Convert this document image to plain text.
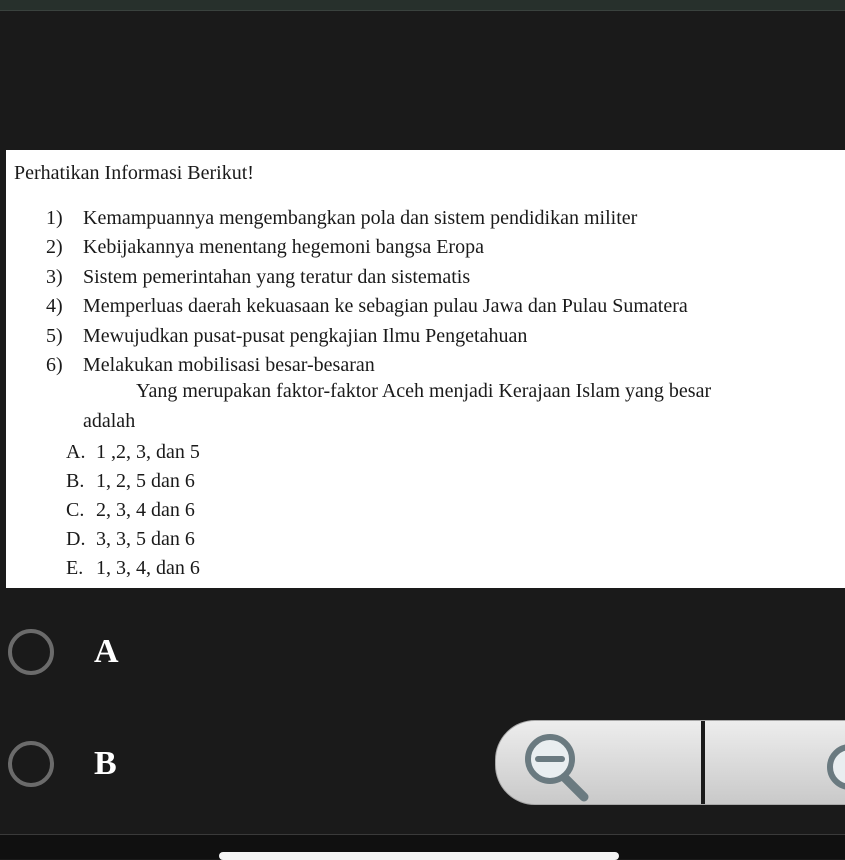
Perhatikan Informasi Berikut!
1)	Kemampuannya mengembangkan pola dan sistem pendidikan militer
2)	Kebijakannya menentang hegemoni bangsa Eropa
3)	Sistem pemerintahan yang teratur dan sistematis
4)	Memperluas daerah kekuasaan ke sebagian pulau Jawa dan Pulau Sumatera
5)	Mewujudkan pusat-pusat pengkajian Ilmu Pengetahuan
6)	Melakukan mobilisasi besar-besaran
Yang merupakan faktor-faktor Aceh menjadi Kerajaan Islam yang besar
adalah
A. 1 ,2, 3, dan 5
B. 1, 2, 5 dan 6
C. 2, 3, 4 dan 6
D. 3, 3, 5 dan 6
E. 1, 3, 4, dan 6
A
B
